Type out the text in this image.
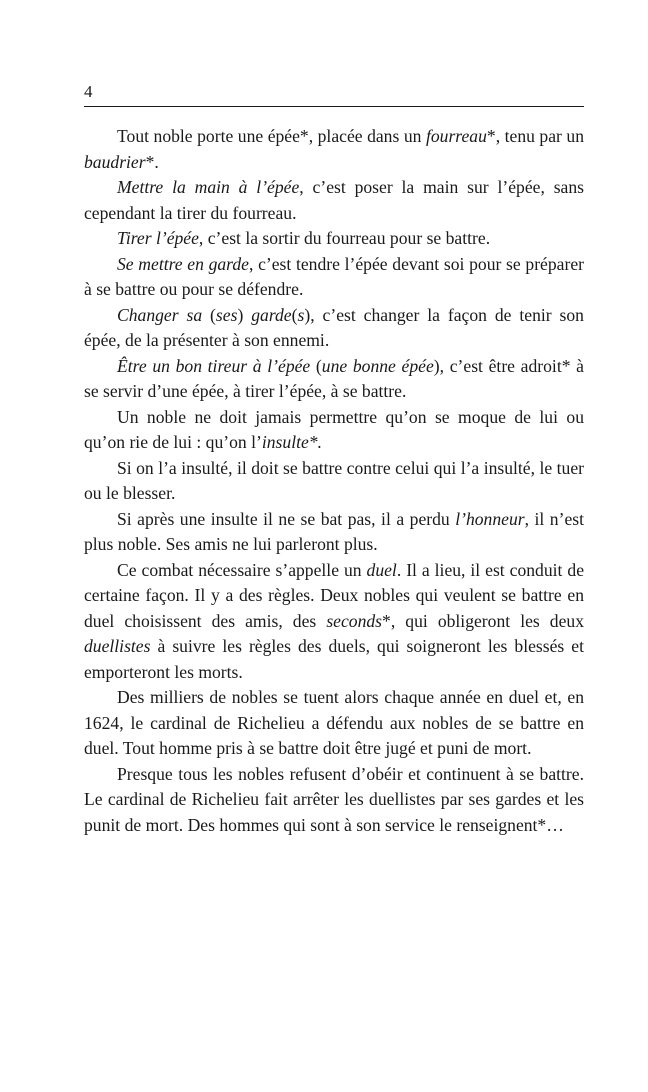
4

Tout noble porte une épée*, placée dans un fourreau*, tenu par un baudrier*.

Mettre la main à l’épée, c’est poser la main sur l’épée, sans cependant la tirer du fourreau.

Tirer l’épée, c’est la sortir du fourreau pour se battre.

Se mettre en garde, c’est tendre l’épée devant soi pour se préparer à se battre ou pour se défendre.

Changer sa (ses) garde(s), c’est changer la façon de tenir son épée, de la présenter à son ennemi.

Être un bon tireur à l’épée (une bonne épée), c’est être adroit* à se servir d’une épée, à tirer l’épée, à se battre.

Un noble ne doit jamais permettre qu’on se moque de lui ou qu’on rie de lui : qu’on l’insulte*.

Si on l’a insulté, il doit se battre contre celui qui l’a insulté, le tuer ou le blesser.

Si après une insulte il ne se bat pas, il a perdu l’honneur, il n’est plus noble. Ses amis ne lui parleront plus.

Ce combat nécessaire s’appelle un duel. Il a lieu, il est conduit de certaine façon. Il y a des règles. Deux nobles qui veulent se battre en duel choisissent des amis, des seconds*, qui obligeront les deux duellistes à suivre les règles des duels, qui soigneront les blessés et emporteront les morts.

Des milliers de nobles se tuent alors chaque année en duel et, en 1624, le cardinal de Richelieu a défendu aux nobles de se battre en duel. Tout homme pris à se battre doit être jugé et puni de mort.

Presque tous les nobles refusent d’obéir et continuent à se battre. Le cardinal de Richelieu fait arrêter les duellistes par ses gardes et les punit de mort. Des hommes qui sont à son service le renseignent*…
